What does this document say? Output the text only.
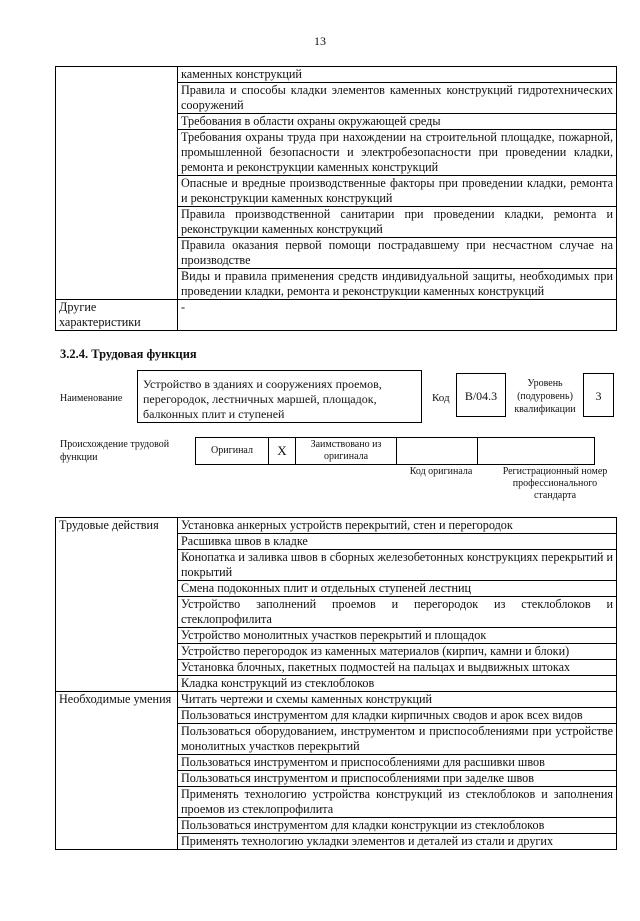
13
	каменных конструкций
	Правила и способы кладки элементов каменных конструкций гидротехнических сооружений
	Требования в области охраны окружающей среды
	Требования охраны труда при нахождении на строительной площадке, пожарной, промышленной безопасности и электробезопасности при проведении кладки, ремонта и реконструкции каменных конструкций
	Опасные и вредные производственные факторы при проведении кладки, ремонта и реконструкции каменных конструкций
	Правила производственной санитарии при проведении кладки, ремонта и реконструкции каменных конструкций
	Правила оказания первой помощи пострадавшему при несчастном случае на производстве
	Виды и правила применения средств индивидуальной защиты, необходимых при проведении кладки, ремонта и реконструкции каменных конструкций
Другие характеристики	-
3.2.4. Трудовая функция
Наименование
Устройство в зданиях и сооружениях проемов, перегородок, лестничных маршей, площадок, балконных плит и ступеней
Код	B/04.3
Уровень (подуровень) квалификации
3
Происхождение трудовой функции
Оригинал	X	Заимствовано из оригинала		
Код оригинала	Регистрационный номер профессионального стандарта
Трудовые действия	Установка анкерных устройств перекрытий, стен и перегородок
	Расшивка швов в кладке
	Конопатка и заливка швов в сборных железобетонных конструкциях перекрытий и покрытий
	Смена подоконных плит и отдельных ступеней лестниц
	Устройство заполнений проемов и перегородок из стеклоблоков и стеклопрофилита
	Устройство монолитных участков перекрытий и площадок
	Устройство перегородок из каменных материалов (кирпич, камни и блоки)
	Установка блочных, пакетных подмостей на пальцах и выдвижных штоках
	Кладка конструкций из стеклоблоков
Необходимые умения	Читать чертежи и схемы каменных конструкций
	Пользоваться инструментом для кладки кирпичных сводов и арок всех видов
	Пользоваться оборудованием, инструментом и приспособлениями при устройстве монолитных участков перекрытий
	Пользоваться инструментом и приспособлениями для расшивки швов
	Пользоваться инструментом и приспособлениями при заделке швов
	Применять технологию устройства конструкций из стеклоблоков и заполнения проемов из стеклопрофилита
	Пользоваться инструментом для кладки конструкции из стеклоблоков
	Применять технологию укладки элементов и деталей из стали и других
